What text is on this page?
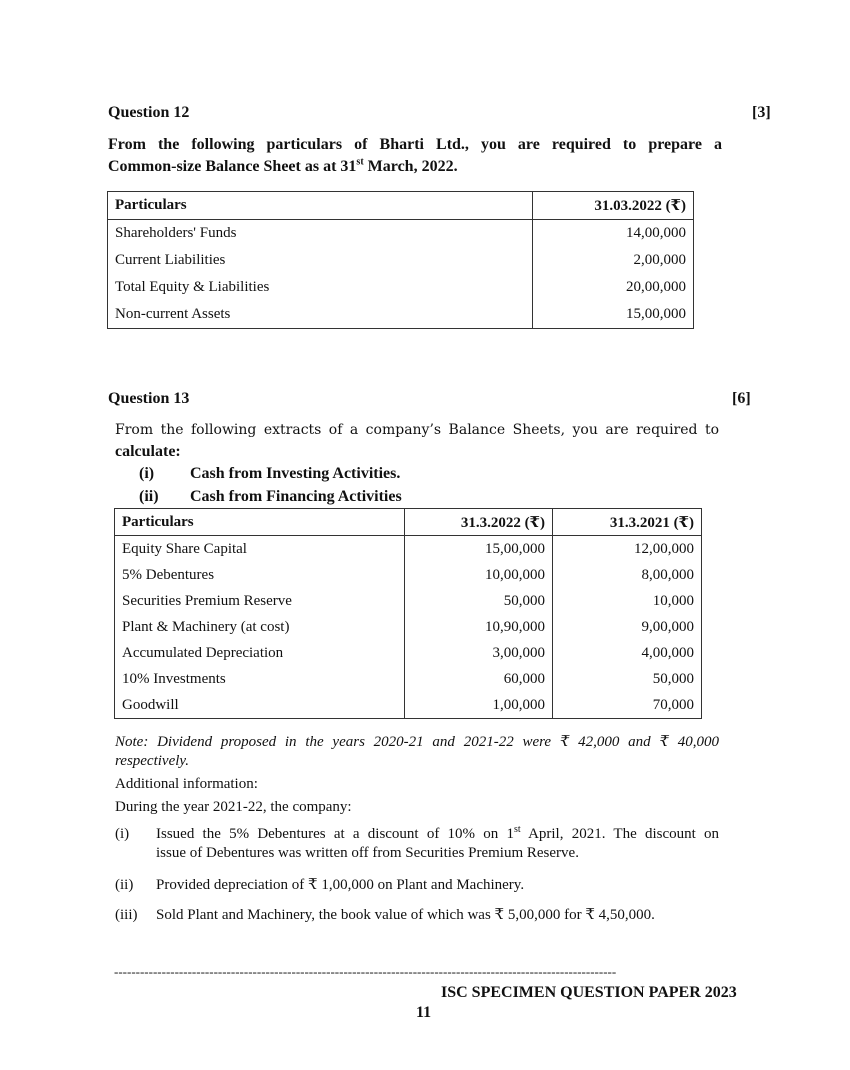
Question 12	[3]
From the following particulars of Bharti Ltd., you are required to prepare a
Common-size Balance Sheet as at 31st March, 2022.
Particulars	31.03.2022 (₹)
Shareholders' Funds	14,00,000
Current Liabilities	2,00,000
Total Equity & Liabilities	20,00,000
Non-current Assets	15,00,000
Question 13	[6]
From the following extracts of a company’s Balance Sheets, you are required to
calculate:
(i) Cash from Investing Activities.
(ii) Cash from Financing Activities
Particulars	31.3.2022 (₹)	31.3.2021 (₹)
Equity Share Capital	15,00,000	12,00,000
5% Debentures	10,00,000	8,00,000
Securities Premium Reserve	50,000	10,000
Plant & Machinery (at cost)	10,90,000	9,00,000
Accumulated Depreciation	3,00,000	4,00,000
10% Investments	60,000	50,000
Goodwill	1,00,000	70,000
Note: Dividend proposed in the years 2020-21 and 2021-22 were ₹ 42,000 and ₹ 40,000
respectively.
Additional information:
During the year 2021-22, the company:
(i) Issued the 5% Debentures at a discount of 10% on 1st April, 2021. The discount on
issue of Debentures was written off from Securities Premium Reserve.
(ii) Provided depreciation of ₹ 1,00,000 on Plant and Machinery.
(iii) Sold Plant and Machinery, the book value of which was ₹ 5,00,000 for ₹ 4,50,000.
--------------------------------------------------------------------------------------------------------------------
ISC SPECIMEN QUESTION PAPER 2023
11
